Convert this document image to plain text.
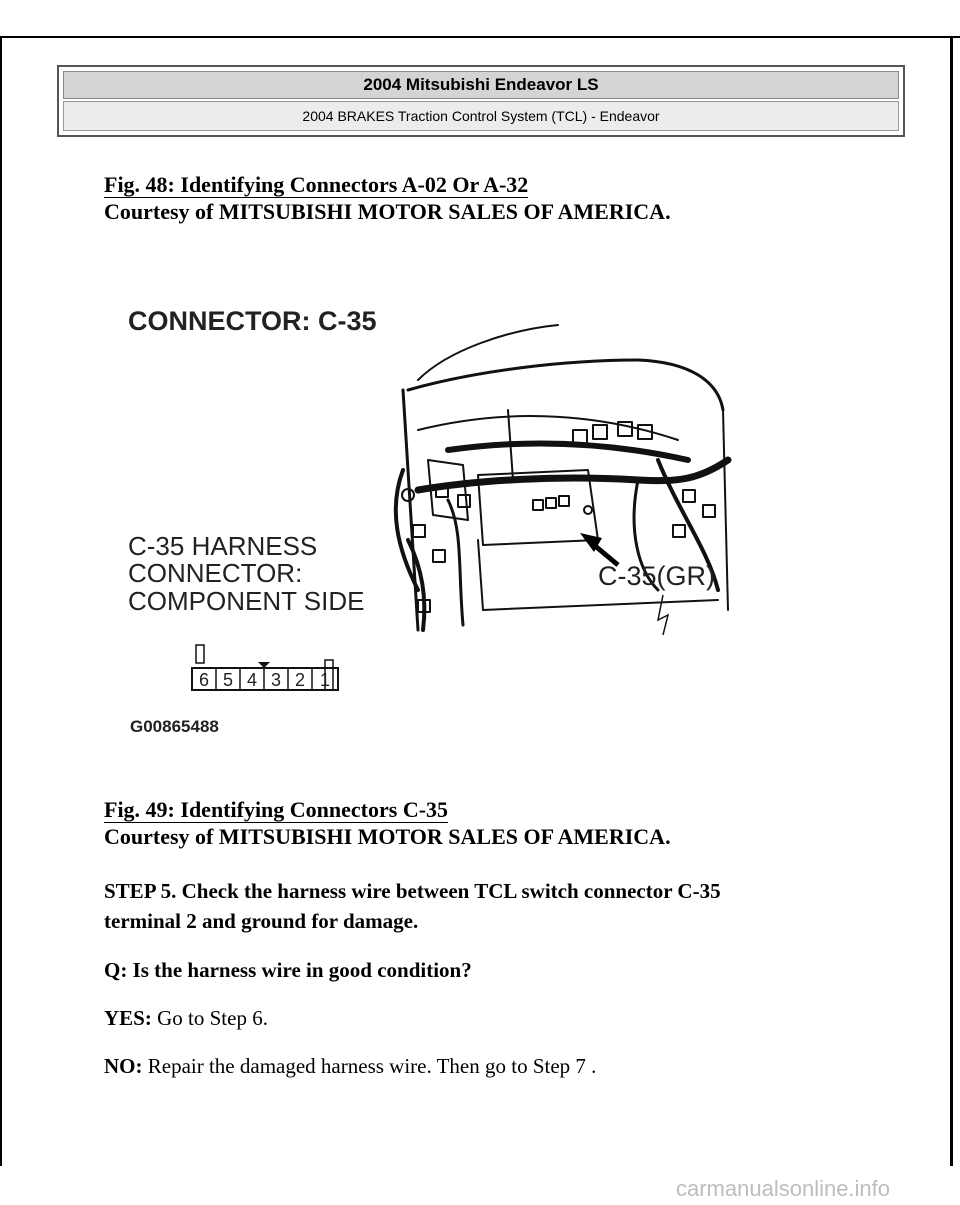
2004 Mitsubishi Endeavor LS
2004 BRAKES Traction Control System (TCL) - Endeavor
Fig. 48: Identifying Connectors A-02 Or A-32
Courtesy of MITSUBISHI MOTOR SALES OF AMERICA.
CONNECTOR: C-35
C-35(GR)
C-35 HARNESS
CONNECTOR:
COMPONENT SIDE
6 5 4 3 2 1
G00865488
Fig. 49: Identifying Connectors C-35
Courtesy of MITSUBISHI MOTOR SALES OF AMERICA.
STEP 5. Check the harness wire between TCL switch connector C-35
terminal 2 and ground for damage.
Q: Is the harness wire in good condition?
YES: Go to Step 6.
NO: Repair the damaged harness wire. Then go to Step 7 .
carmanualsonline.info
